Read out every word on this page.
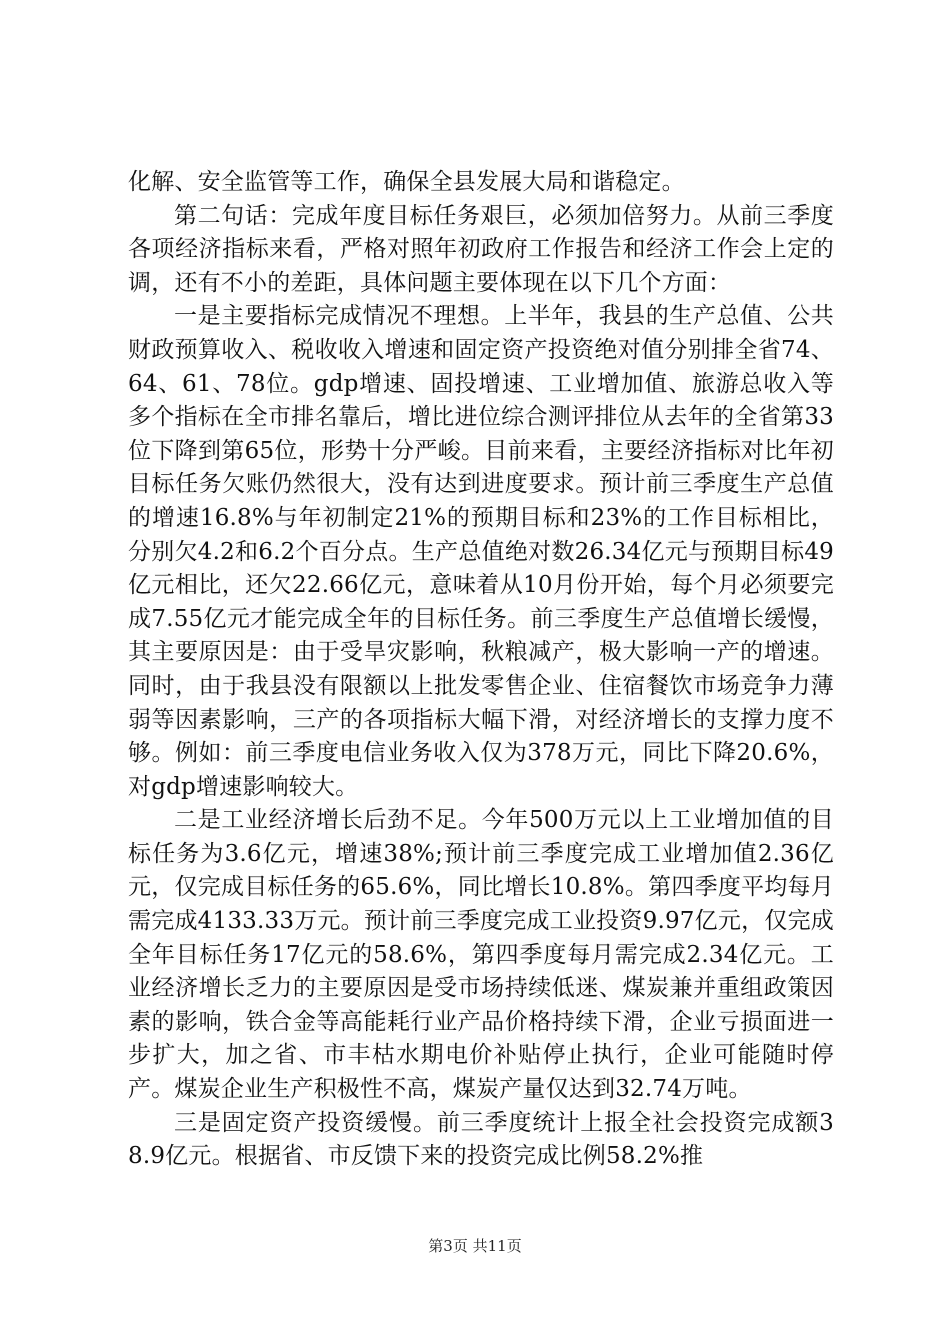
化解、安全监管等工作，确保全县发展大局和谐稳定。

第二句话：完成年度目标任务艰巨，必须加倍努力。从前三季度各项经济指标来看，严格对照年初政府工作报告和经济工作会上定的调，还有不小的差距，具体问题主要体现在以下几个方面：

一是主要指标完成情况不理想。上半年，我县的生产总值、公共财政预算收入、税收收入增速和固定资产投资绝对值分别排全省74、64、61、78位。gdp增速、固投增速、工业增加值、旅游总收入等多个指标在全市排名靠后，增比进位综合测评排位从去年的全省第33位下降到第65位，形势十分严峻。目前来看，主要经济指标对比年初目标任务欠账仍然很大，没有达到进度要求。预计前三季度生产总值的增速16.8%与年初制定21%的预期目标和23%的工作目标相比，分别欠4.2和6.2个百分点。生产总值绝对数26.34亿元与预期目标49亿元相比，还欠22.66亿元，意味着从10月份开始，每个月必须要完成7.55亿元才能完成全年的目标任务。前三季度生产总值增长缓慢，其主要原因是：由于受旱灾影响，秋粮减产，极大影响一产的增速。同时，由于我县没有限额以上批发零售企业、住宿餐饮市场竞争力薄弱等因素影响，三产的各项指标大幅下滑，对经济增长的支撑力度不够。例如：前三季度电信业务收入仅为378万元，同比下降20.6%，对gdp增速影响较大。

二是工业经济增长后劲不足。今年500万元以上工业增加值的目标任务为3.6亿元，增速38%;预计前三季度完成工业增加值2.36亿元，仅完成目标任务的65.6%，同比增长10.8%。第四季度平均每月需完成4133.33万元。预计前三季度完成工业投资9.97亿元，仅完成全年目标任务17亿元的58.6%，第四季度每月需完成2.34亿元。工业经济增长乏力的主要原因是受市场持续低迷、煤炭兼并重组政策因素的影响，铁合金等高能耗行业产品价格持续下滑，企业亏损面进一步扩大，加之省、市丰枯水期电价补贴停止执行，企业可能随时停产。煤炭企业生产积极性不高，煤炭产量仅达到32.74万吨。

三是固定资产投资缓慢。前三季度统计上报全社会投资完成额38.9亿元。根据省、市反馈下来的投资完成比例58.2%推

第3页 共11页
